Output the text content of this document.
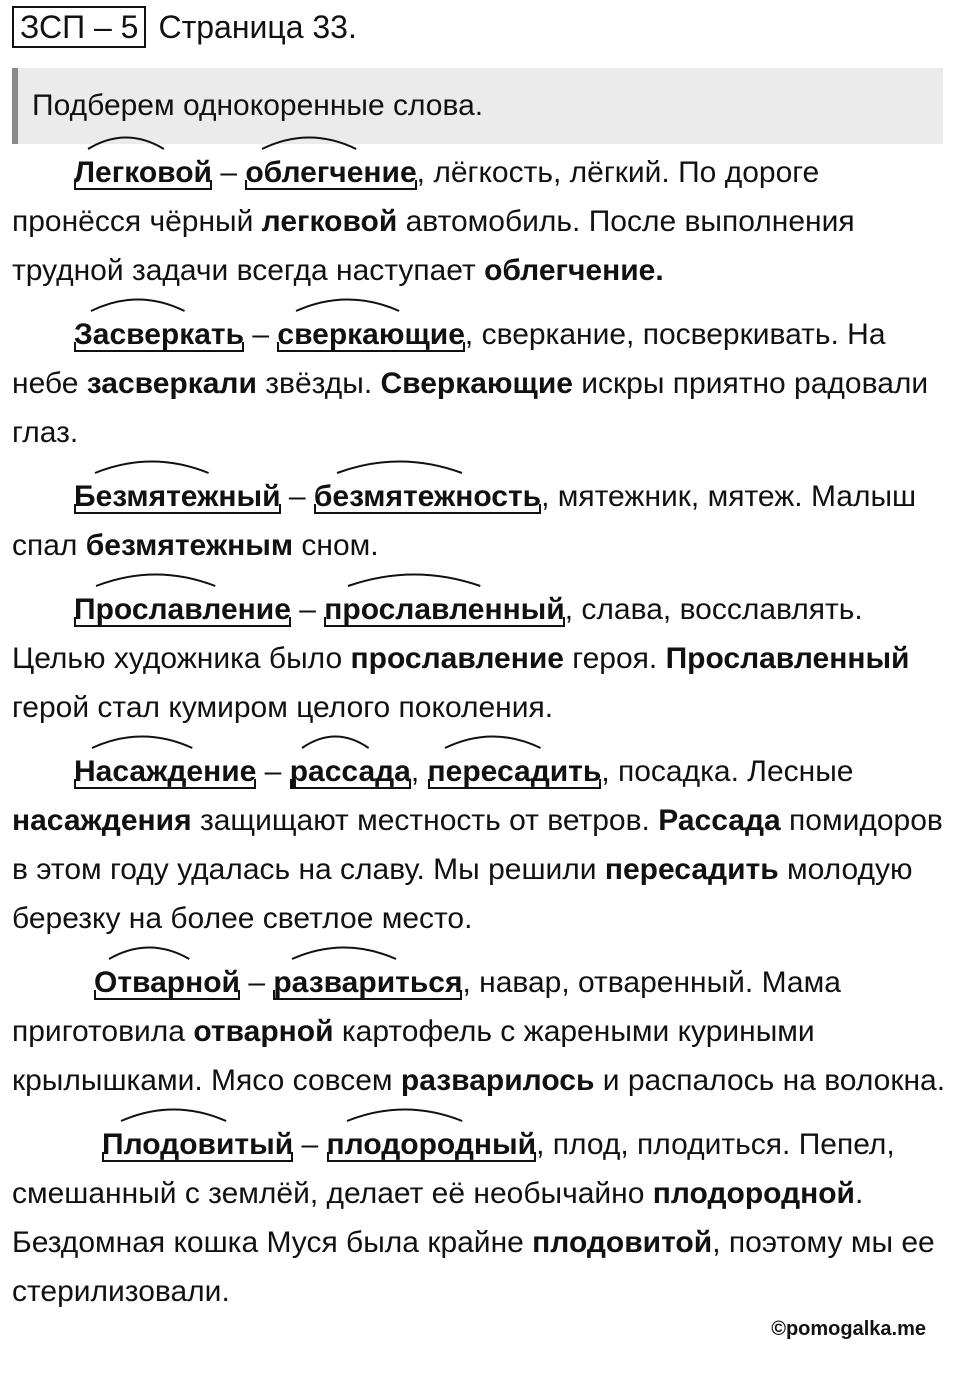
ЗСП – 5 Страница 33.
Подберем однокоренные слова.

Легковой
– облегчение
, лёгкость, лёгкий. По дороге пронёсся чёрный легковой автомобиль. После выполнения трудной задачи всегда наступает облегчение.

Засверкать
– сверкающие
, сверкание, посверкивать. На небе засверкали звёзды. Сверкающие искры приятно радовали глаз.

Безмятежный
– безмятежность
, мятежник, мятеж. Малыш спал безмятежным сном.

Прославление
– прославленный
, слава, восславлять. Целью художника было прославление героя. Прославленный герой стал кумиром целого поколения.

Насаждение
– рассада
, пересадить
, посадка. Лесные насаждения защищают местность от ветров. Рассада помидоров в этом году удалась на славу. Мы решили пересадить молодую березку на более светлое место.

Отварной
– развариться
, навар, отваренный. Мама приготовила отварной картофель с жареными куриными крылышками. Мясо совсем разварилось и распалось на волокна.

Плодовитый
– плодородный
, плод, плодиться. Пепел, смешанный с землёй, делает её необычайно плодородной. Бездомная кошка Муся была крайне плодовитой, поэтому мы ее стерилизовали.

©pomogalka.me
